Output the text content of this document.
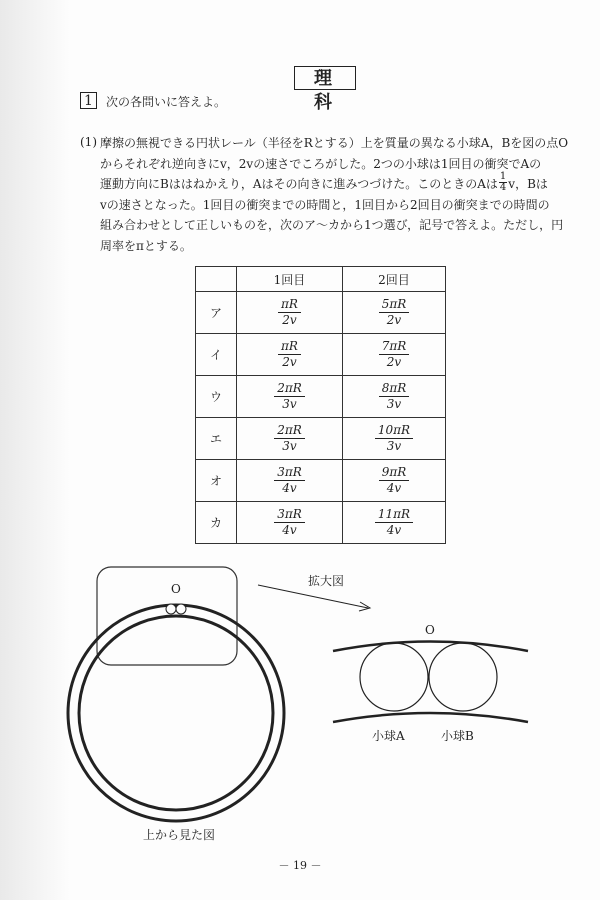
理 科
1	次の各問いに答えよ。
(1) 摩擦の無視できる円状レール（半径をRとする）上を質量の異なる小球A，Bを図の点O
からそれぞれ逆向きにv，2vの速さでころがした。2つの小球は1回目の衝突でAの
運動方向にBははねかえり，Aはその向きに進みつづけた。このときのAは $\frac{1}{4}$ v，Bは
vの速さとなった。1回目の衝突までの時間と，1回目から2回目の衝突までの時間の
組み合わせとして正しいものを，次のア～カから1つ選び，記号で答えよ。ただし，円
周率をπとする。
	1回目	2回目
ア	$\frac{\pi R}{2v}$	$\frac{5\pi R}{2v}$

イ	$\frac{\pi R}{2v}$	$\frac{7\pi R}{2v}$

ウ	$\frac{2\pi R}{3v}$	$\frac{8\pi R}{3v}$

エ	$\frac{2\pi R}{3v}$	$\frac{10\pi R}{3v}$

オ	$\frac{3\pi R}{4v}$	$\frac{9\pi R}{4v}$

カ	$\frac{3\pi R}{4v}$	$\frac{11\pi R}{4v}$
O
拡大図
O
小球A	小球B
上から見た図
－ 19 －
